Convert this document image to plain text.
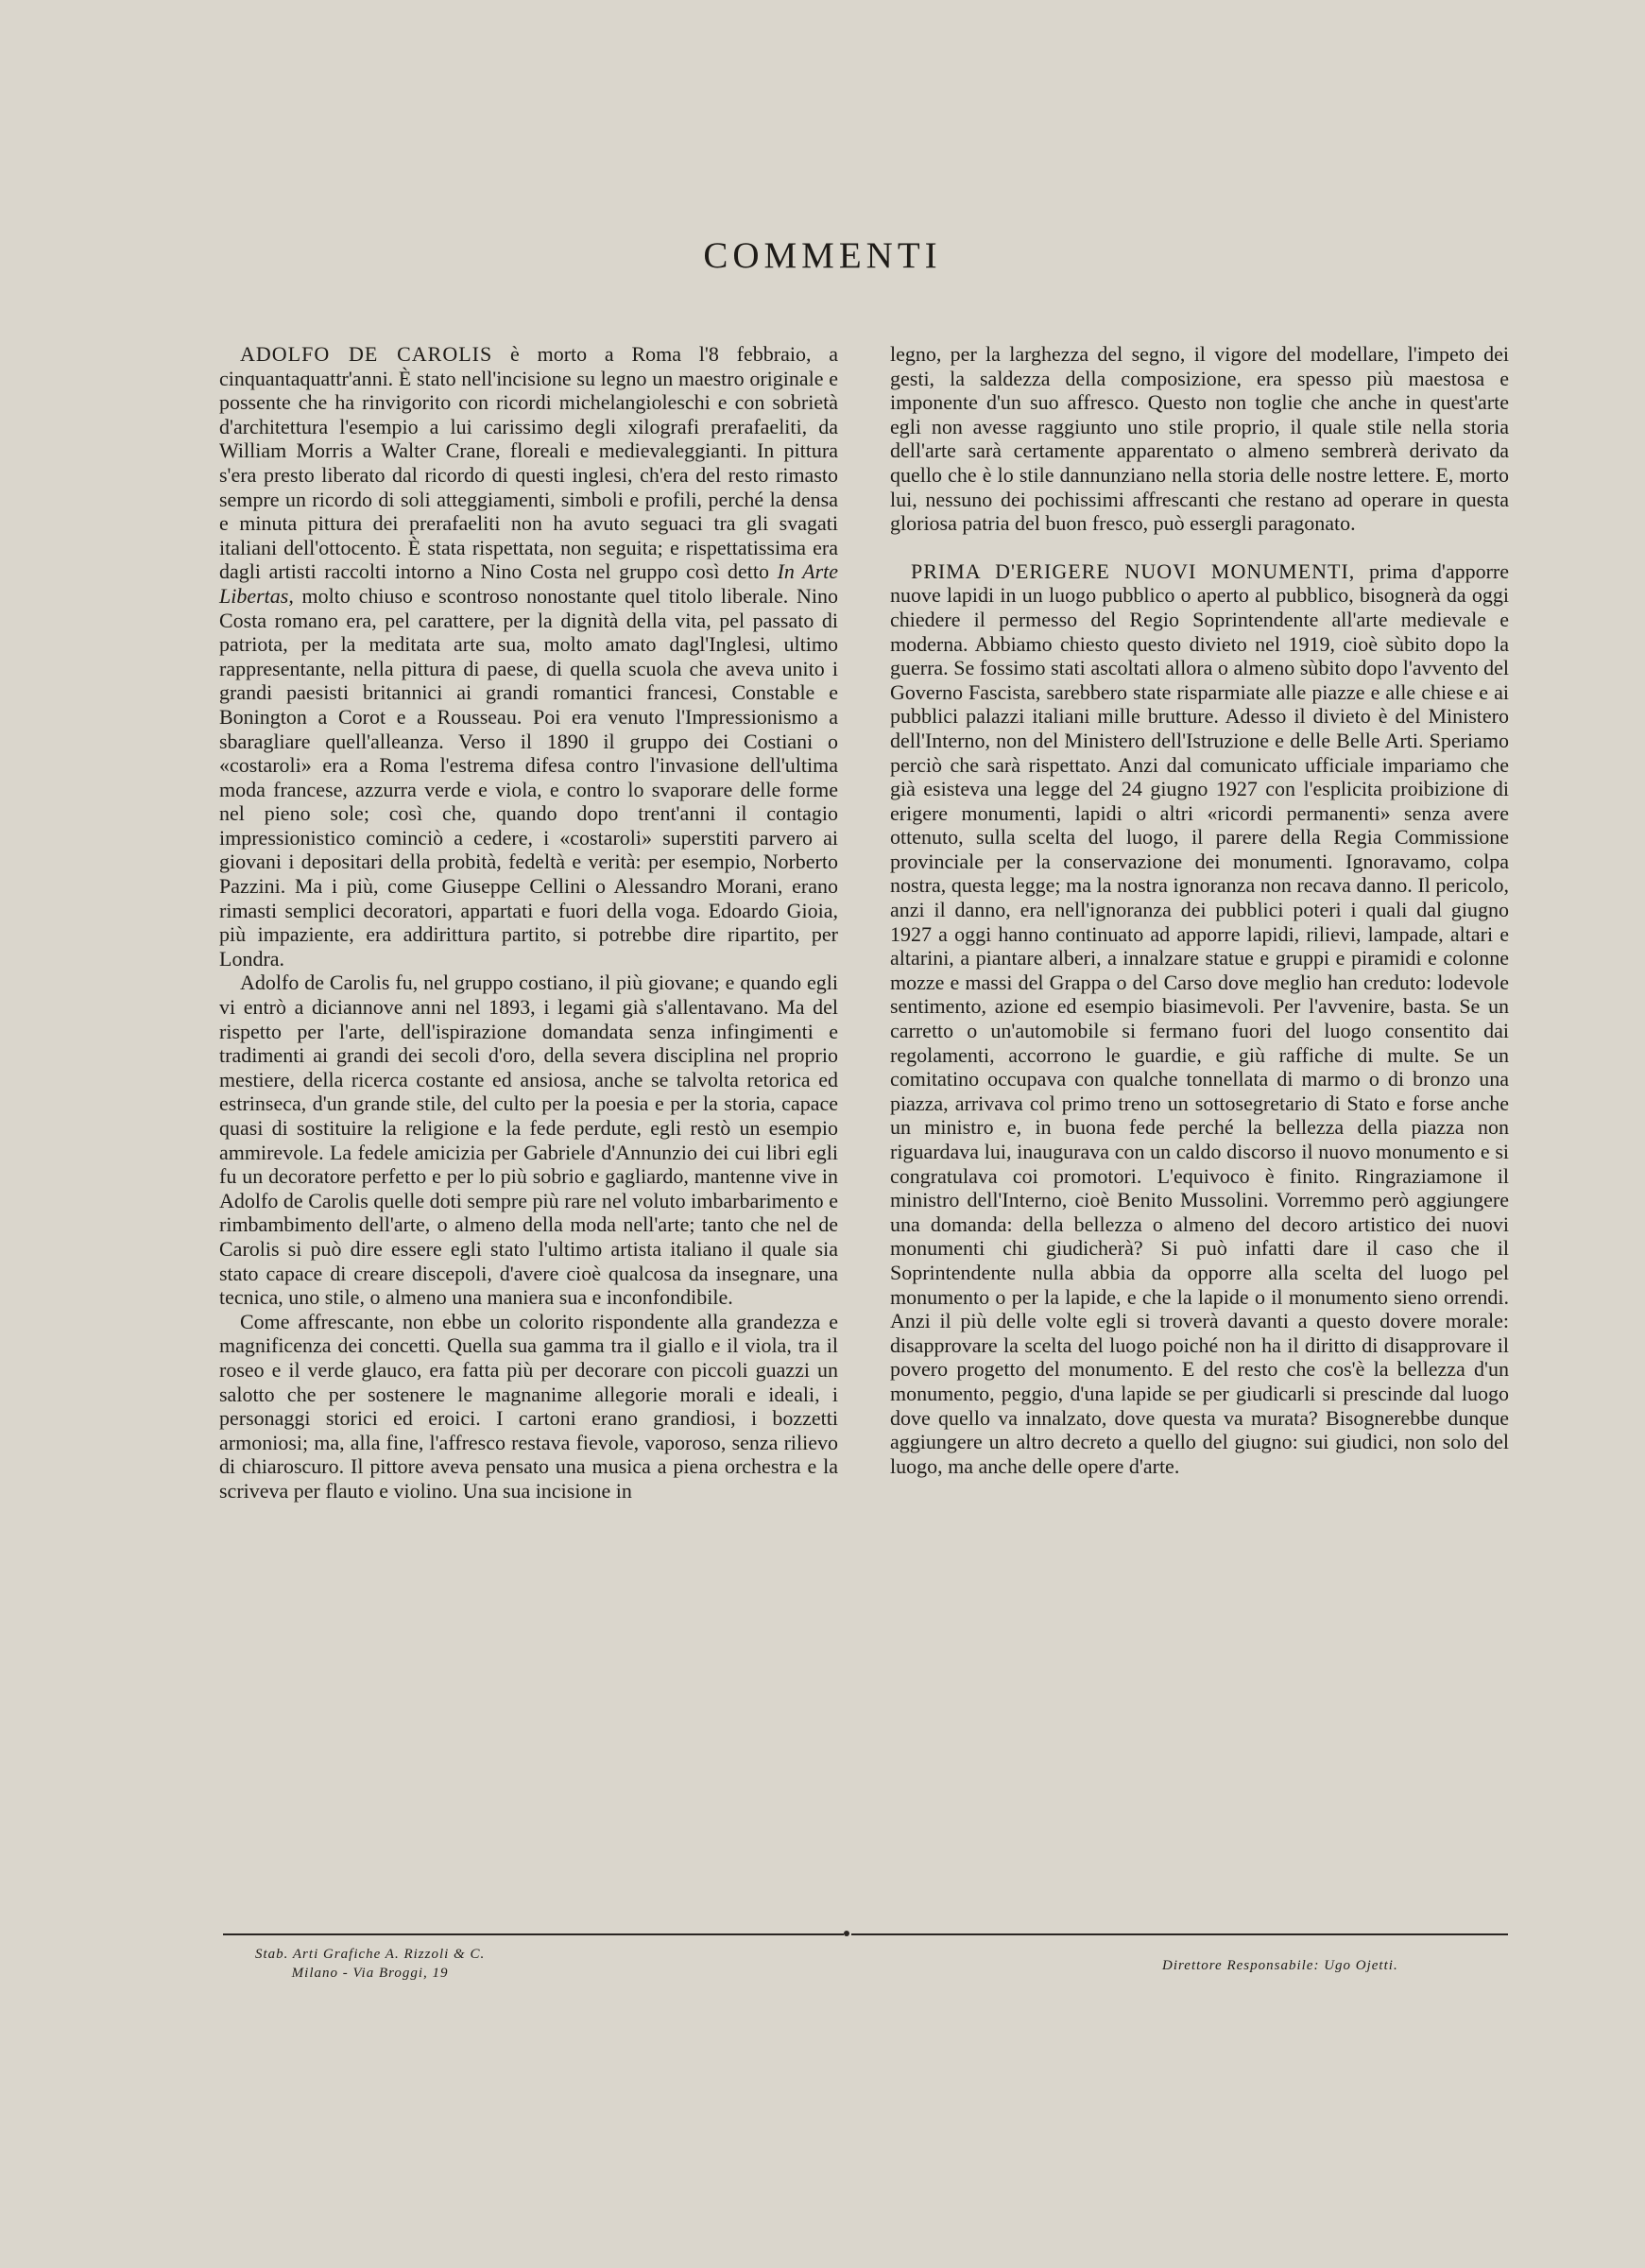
COMMENTI

ADOLFO DE CAROLIS è morto a Roma l'8 febbraio, a cinquantaquattr'anni. È stato nell'incisione su legno un maestro originale e possente che ha rinvigorito con ricordi michelangioleschi e con sobrietà d'architettura l'esempio a lui carissimo degli xilografi prerafaeliti, da William Morris a Walter Crane, floreali e medievaleggianti. In pittura s'era presto liberato dal ricordo di questi inglesi, ch'era del resto rimasto sempre un ricordo di soli atteggiamenti, simboli e profili, perché la densa e minuta pittura dei prerafaeliti non ha avuto seguaci tra gli svagati italiani dell'ottocento. È stata rispettata, non seguita; e rispettatissima era dagli artisti raccolti intorno a Nino Costa nel gruppo così detto In Arte Libertas, molto chiuso e scontroso nonostante quel titolo liberale. Nino Costa romano era, pel carattere, per la dignità della vita, pel passato di patriota, per la meditata arte sua, molto amato dagl'Inglesi, ultimo rappresentante, nella pittura di paese, di quella scuola che aveva unito i grandi paesisti britannici ai grandi romantici francesi, Constable e Bonington a Corot e a Rousseau. Poi era venuto l'Impressionismo a sbaragliare quell'alleanza. Verso il 1890 il gruppo dei Costiani o «costaroli» era a Roma l'estrema difesa contro l'invasione dell'ultima moda francese, azzurra verde e viola, e contro lo svaporare delle forme nel pieno sole; così che, quando dopo trent'anni il contagio impressionistico cominciò a cedere, i «costaroli» superstiti parvero ai giovani i depositari della probità, fedeltà e verità: per esempio, Norberto Pazzini. Ma i più, come Giuseppe Cellini o Alessandro Morani, erano rimasti semplici decoratori, appartati e fuori della voga. Edoardo Gioia, più impaziente, era addirittura partito, si potrebbe dire ripartito, per Londra.

Adolfo de Carolis fu, nel gruppo costiano, il più giovane; e quando egli vi entrò a diciannove anni nel 1893, i legami già s'allentavano. Ma del rispetto per l'arte, dell'ispirazione domandata senza infingimenti e tradimenti ai grandi dei secoli d'oro, della severa disciplina nel proprio mestiere, della ricerca costante ed ansiosa, anche se talvolta retorica ed estrinseca, d'un grande stile, del culto per la poesia e per la storia, capace quasi di sostituire la religione e la fede perdute, egli restò un esempio ammirevole. La fedele amicizia per Gabriele d'Annunzio dei cui libri egli fu un decoratore perfetto e per lo più sobrio e gagliardo, mantenne vive in Adolfo de Carolis quelle doti sempre più rare nel voluto imbarbarimento e rimbambimento dell'arte, o almeno della moda nell'arte; tanto che nel de Carolis si può dire essere egli stato l'ultimo artista italiano il quale sia stato capace di creare discepoli, d'avere cioè qualcosa da insegnare, una tecnica, uno stile, o almeno una maniera sua e inconfondibile.

Come affrescante, non ebbe un colorito rispondente alla grandezza e magnificenza dei concetti. Quella sua gamma tra il giallo e il viola, tra il roseo e il verde glauco, era fatta più per decorare con piccoli guazzi un salotto che per sostenere le magnanime allegorie morali e ideali, i personaggi storici ed eroici. I cartoni erano grandiosi, i bozzetti armoniosi; ma, alla fine, l'affresco restava fievole, vaporoso, senza rilievo di chiaroscuro. Il pittore aveva pensato una musica a piena orchestra e la scriveva per flauto e violino. Una sua incisione in

legno, per la larghezza del segno, il vigore del modellare, l'impeto dei gesti, la saldezza della composizione, era spesso più maestosa e imponente d'un suo affresco. Questo non toglie che anche in quest'arte egli non avesse raggiunto uno stile proprio, il quale stile nella storia dell'arte sarà certamente apparentato o almeno sembrerà derivato da quello che è lo stile dannunziano nella storia delle nostre lettere. E, morto lui, nessuno dei pochissimi affrescanti che restano ad operare in questa gloriosa patria del buon fresco, può essergli paragonato.

PRIMA D'ERIGERE NUOVI MONUMENTI, prima d'apporre nuove lapidi in un luogo pubblico o aperto al pubblico, bisognerà da oggi chiedere il permesso del Regio Soprintendente all'arte medievale e moderna. Abbiamo chiesto questo divieto nel 1919, cioè sùbito dopo la guerra. Se fossimo stati ascoltati allora o almeno sùbito dopo l'avvento del Governo Fascista, sarebbero state risparmiate alle piazze e alle chiese e ai pubblici palazzi italiani mille brutture. Adesso il divieto è del Ministero dell'Interno, non del Ministero dell'Istruzione e delle Belle Arti. Speriamo perciò che sarà rispettato. Anzi dal comunicato ufficiale impariamo che già esisteva una legge del 24 giugno 1927 con l'esplicita proibizione di erigere monumenti, lapidi o altri «ricordi permanenti» senza avere ottenuto, sulla scelta del luogo, il parere della Regia Commissione provinciale per la conservazione dei monumenti. Ignoravamo, colpa nostra, questa legge; ma la nostra ignoranza non recava danno. Il pericolo, anzi il danno, era nell'ignoranza dei pubblici poteri i quali dal giugno 1927 a oggi hanno continuato ad apporre lapidi, rilievi, lampade, altari e altarini, a piantare alberi, a innalzare statue e gruppi e piramidi e colonne mozze e massi del Grappa o del Carso dove meglio han creduto: lodevole sentimento, azione ed esempio biasimevoli. Per l'avvenire, basta. Se un carretto o un'automobile si fermano fuori del luogo consentito dai regolamenti, accorrono le guardie, e giù raffiche di multe. Se un comitatino occupava con qualche tonnellata di marmo o di bronzo una piazza, arrivava col primo treno un sottosegretario di Stato e forse anche un ministro e, in buona fede perché la bellezza della piazza non riguardava lui, inaugurava con un caldo discorso il nuovo monumento e si congratulava coi promotori. L'equivoco è finito. Ringraziamone il ministro dell'Interno, cioè Benito Mussolini. Vorremmo però aggiungere una domanda: della bellezza o almeno del decoro artistico dei nuovi monumenti chi giudicherà? Si può infatti dare il caso che il Soprintendente nulla abbia da opporre alla scelta del luogo pel monumento o per la lapide, e che la lapide o il monumento sieno orrendi. Anzi il più delle volte egli si troverà davanti a questo dovere morale: disapprovare la scelta del luogo poiché non ha il diritto di disapprovare il povero progetto del monumento. E del resto che cos'è la bellezza d'un monumento, peggio, d'una lapide se per giudicarli si prescinde dal luogo dove quello va innalzato, dove questa va murata? Bisognerebbe dunque aggiungere un altro decreto a quello del giugno: sui giudici, non solo del luogo, ma anche delle opere d'arte.

Stab. Arti Grafiche A. Rizzoli & C.
Milano - Via Broggi, 19	Direttore Responsabile: Ugo Ojetti.
